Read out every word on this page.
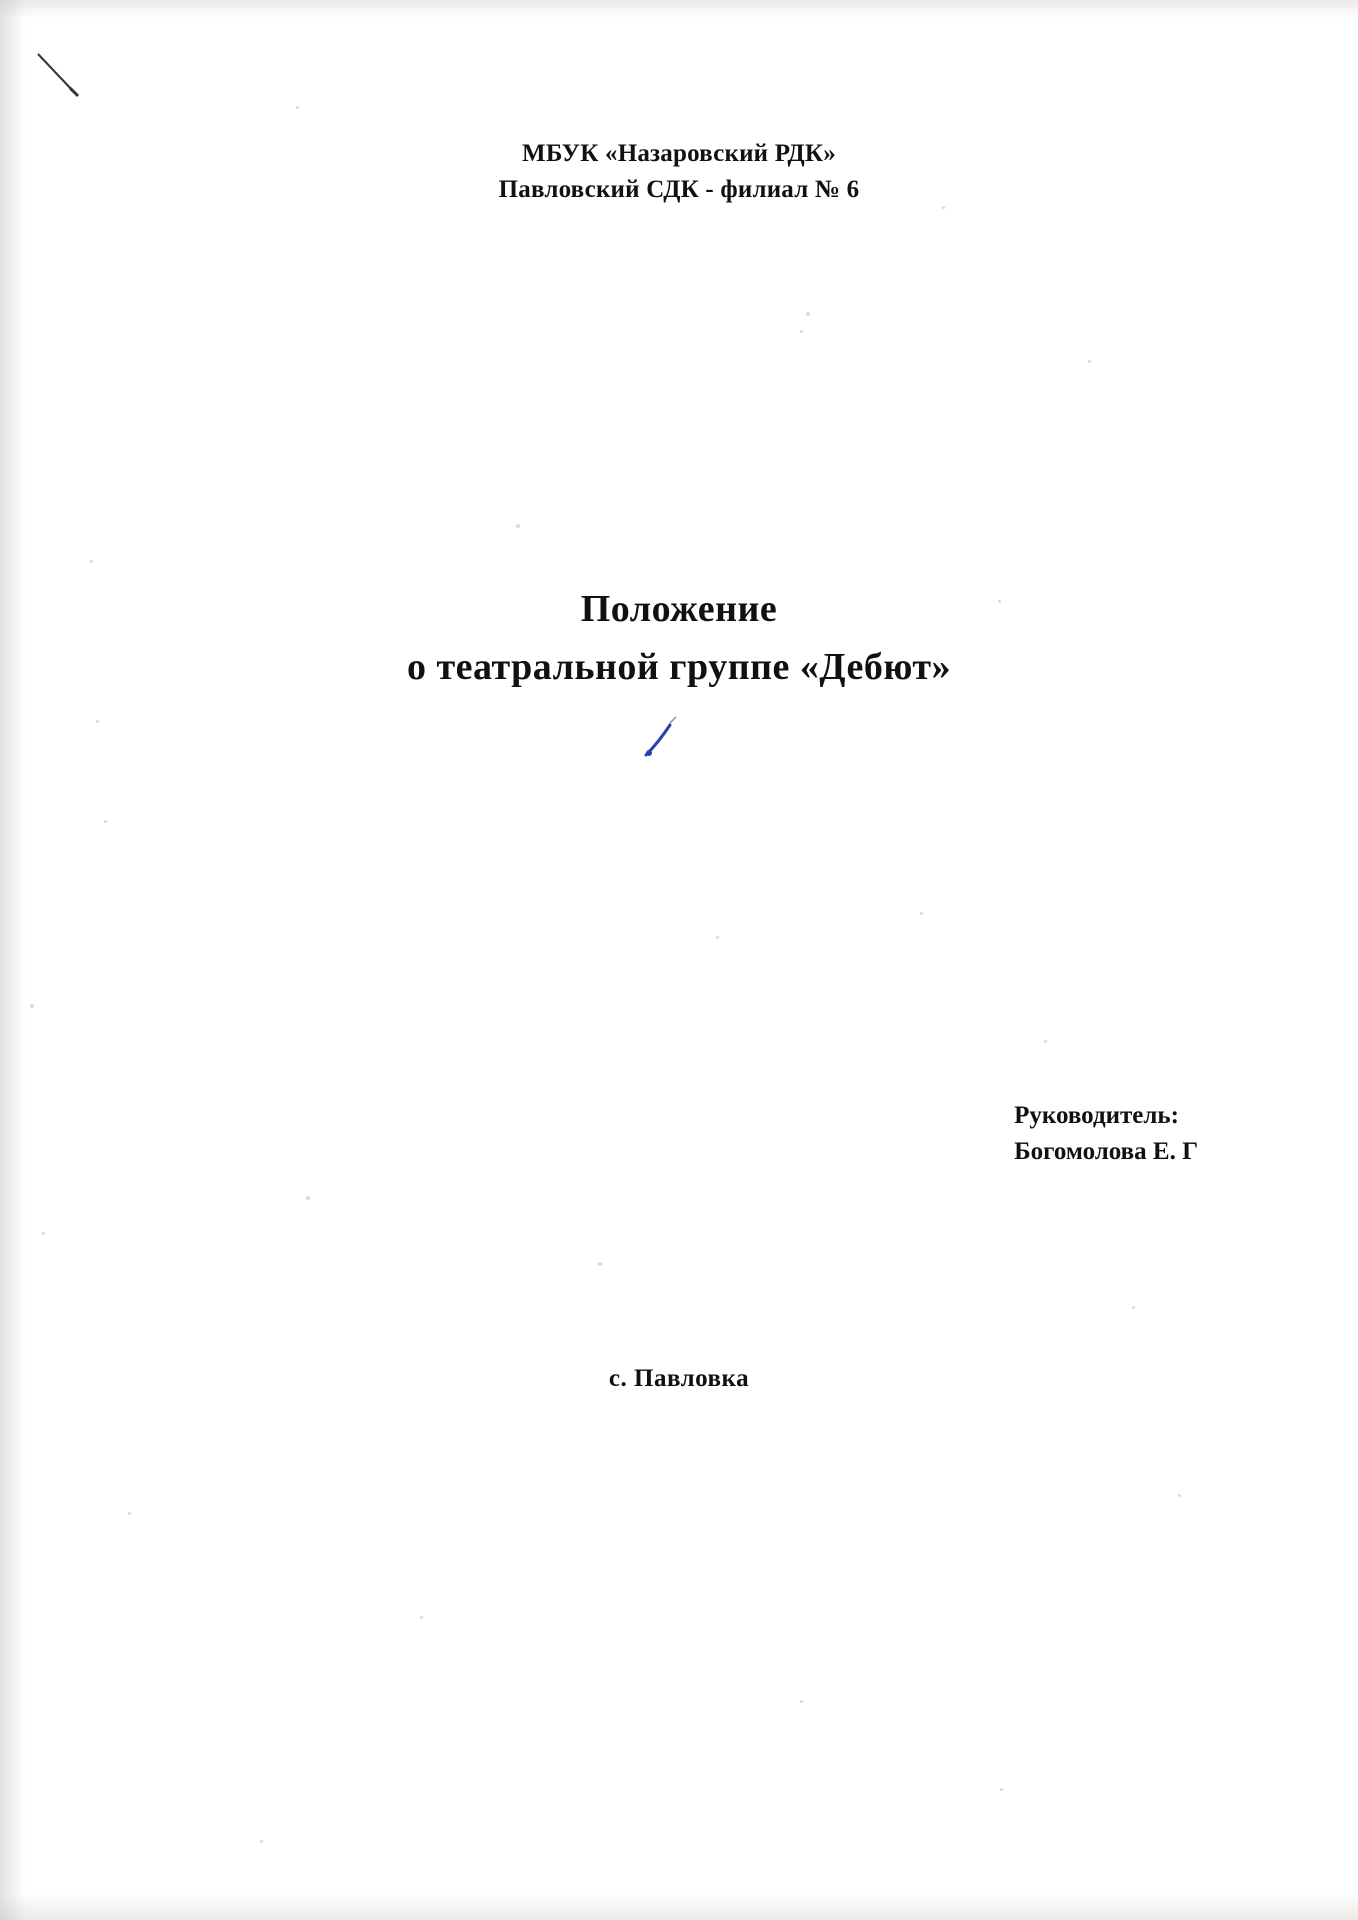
МБУК «Назаровский РДК»
Павловский СДК - филиал № 6
Положение
о театральной группе «Дебют»
Руководитель:
Богомолова Е. Г
с. Павловка
